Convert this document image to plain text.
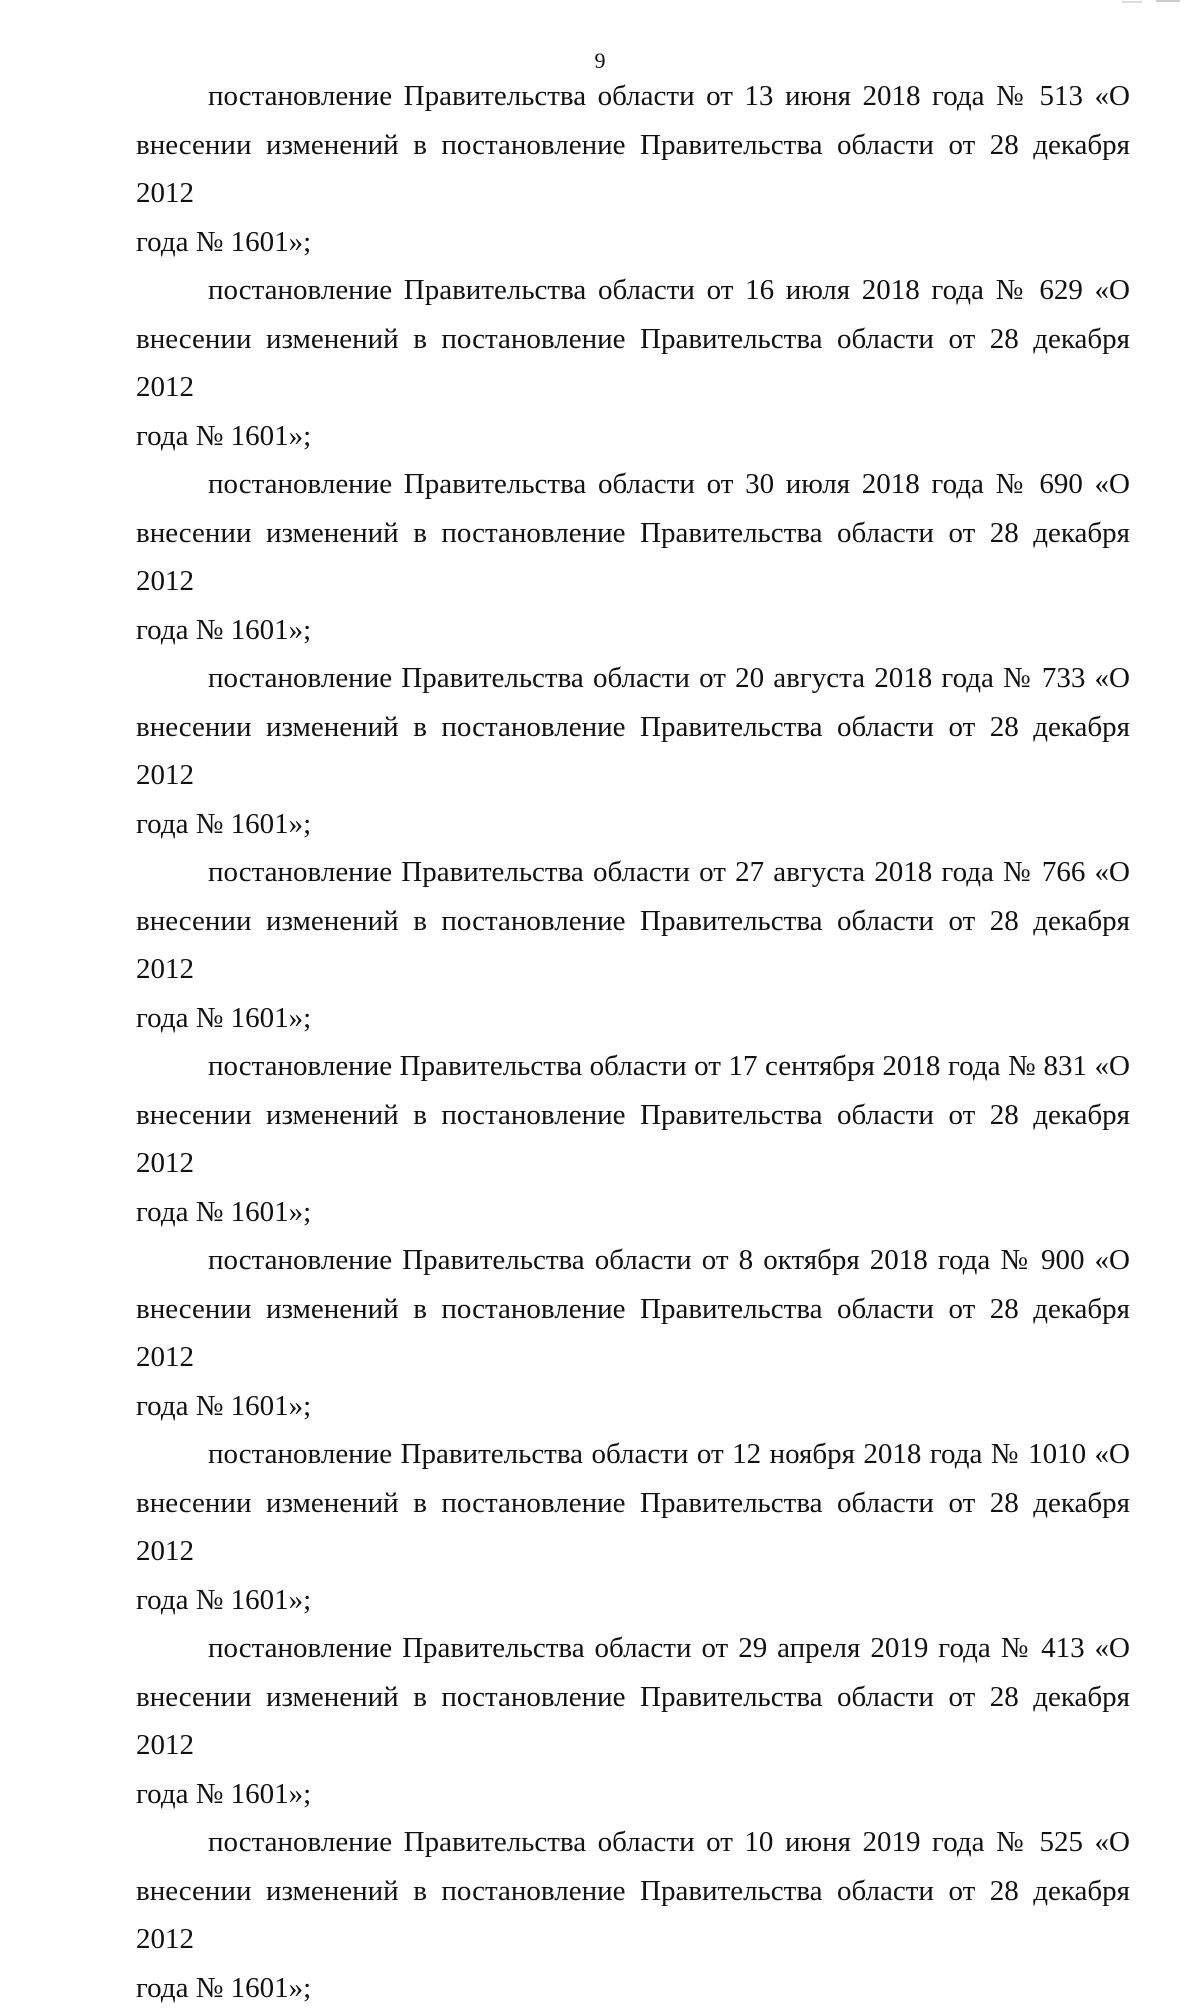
9

постановление Правительства области от 13 июня 2018 года № 513 «О
внесении изменений в постановление Правительства области от 28 декабря 2012
года № 1601»;

постановление Правительства области от 16 июля 2018 года № 629 «О
внесении изменений в постановление Правительства области от 28 декабря 2012
года № 1601»;

постановление Правительства области от 30 июля 2018 года № 690 «О
внесении изменений в постановление Правительства области от 28 декабря 2012
года № 1601»;

постановление Правительства области от 20 августа 2018 года № 733 «О
внесении изменений в постановление Правительства области от 28 декабря 2012
года № 1601»;

постановление Правительства области от 27 августа 2018 года № 766 «О
внесении изменений в постановление Правительства области от 28 декабря 2012
года № 1601»;

постановление Правительства области от 17 сентября 2018 года № 831 «О
внесении изменений в постановление Правительства области от 28 декабря 2012
года № 1601»;

постановление Правительства области от 8 октября 2018 года № 900 «О
внесении изменений в постановление Правительства области от 28 декабря 2012
года № 1601»;

постановление Правительства области от 12 ноября 2018 года № 1010 «О
внесении изменений в постановление Правительства области от 28 декабря 2012
года № 1601»;

постановление Правительства области от 29 апреля 2019 года № 413 «О
внесении изменений в постановление Правительства области от 28 декабря 2012
года № 1601»;

постановление Правительства области от 10 июня 2019 года № 525 «О
внесении изменений в постановление Правительства области от 28 декабря 2012
года № 1601»;
